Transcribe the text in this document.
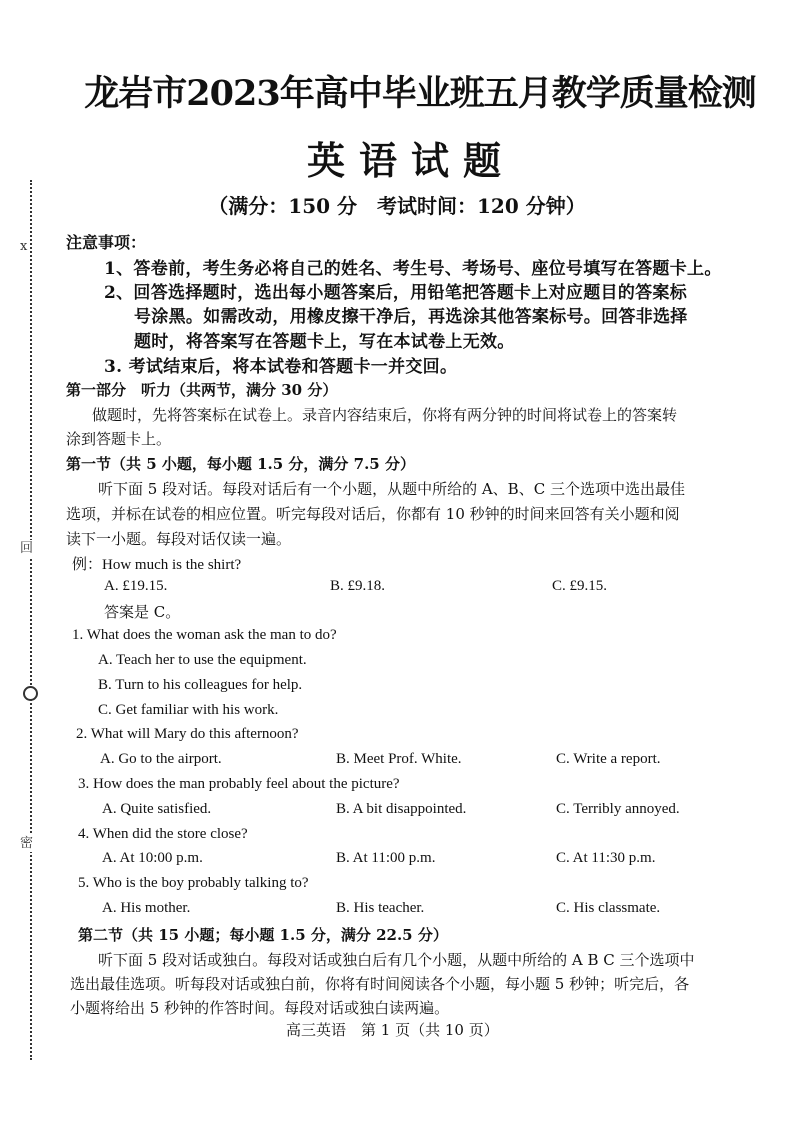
x
回
密
龙岩市2023年高中毕业班五月教学质量检测
英语试题
（满分：150 分　考试时间：120 分钟）
注意事项：
1、答卷前，考生务必将自己的姓名、考生号、考场号、座位号填写在答题卡上。
2、回答选择题时，选出每小题答案后，用铅笔把答题卡上对应题目的答案标
号涂黑。如需改动，用橡皮擦干净后，再选涂其他答案标号。回答非选择
题时，将答案写在答题卡上，写在本试卷上无效。
3. 考试结束后，将本试卷和答题卡一并交回。
第一部分　听力（共两节，满分 30 分）
做题时，先将答案标在试卷上。录音内容结束后，你将有两分钟的时间将试卷上的答案转
涂到答题卡上。
第一节（共 5 小题，每小题 1.5 分，满分 7.5 分）
听下面 5 段对话。每段对话后有一个小题，从题中所给的 A、B、C 三个选项中选出最佳
选项，并标在试卷的相应位置。听完每段对话后，你都有 10 秒钟的时间来回答有关小题和阅
读下一小题。每段对话仅读一遍。
例：How much is the shirt?
A. £19.15.	B. £9.18.	C. £9.15.
答案是 C。
1. What does the woman ask the man to do?
A. Teach her to use the equipment.
B. Turn to his colleagues for help.
C. Get familiar with his work.
2. What will Mary do this afternoon?
A. Go to the airport.	B. Meet Prof. White.	C. Write a report.
3. How does the man probably feel about the picture?
A. Quite satisfied.	B. A bit disappointed.	C. Terribly annoyed.
4. When did the store close?
A. At 10:00 p.m.	B. At 11:00 p.m.	C. At 11:30 p.m.
5. Who is the boy probably talking to?
A. His mother.	B. His teacher.	C. His classmate.
第二节（共 15 小题；每小题 1.5 分，满分 22.5 分）
听下面 5 段对话或独白。每段对话或独白后有几个小题，从题中所给的 A B C 三个选项中
选出最佳选项。听每段对话或独白前，你将有时间阅读各个小题，每小题 5 秒钟；听完后，各
小题将给出 5 秒钟的作答时间。每段对话或独白读两遍。
高三英语　第 1 页（共 10 页）
